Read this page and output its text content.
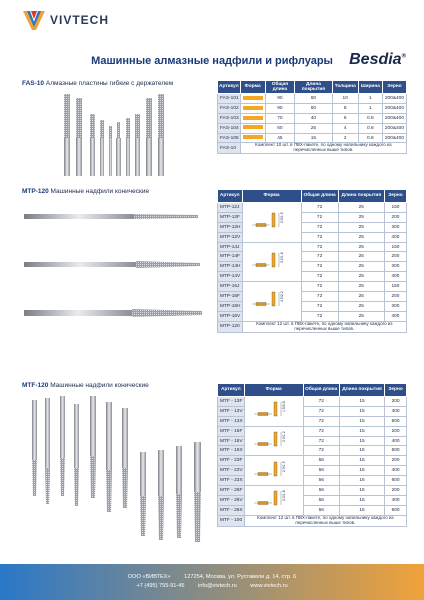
VIVTECH
Машинные алмазные надфили и рифлуары	Besdia®
FAS-10 Алмазные пластины гибкие с держателем	Артикул	Форма	Общая длина	Длина покрытия	Толщина	Ширина	Зерно
FAS-101		90	60	10	1	200&400
FAS-102		90	60	8	1	200&400
FAS-103		70	40	6	0.8	200&400
FAS-104		60	25	4	0.8	200&400
FAS-105		45	15	2	0.8	200&400
FAS-10	Комплект 10 шт. в ПВХ-пакете, по одному напильнику каждого из перечисленных выше типов.					
MTP-120 Машинные надфили конические
Артикул	Форма	Общая длина	Длина покрытия	Зерно
MTP-12J	2.5/1.5	72	25	150
MTP-12F		72	25	200
MTP-12H		72	25	300
MTP-12V		72	25	400
MTP-14J	3.2/1.8	72	25	150
MTP-14F		72	25	200
MTP-14H		72	25	300
MTP-14V		72	25	400
MTP-16J	4.5/2.2	72	25	150
MTP-16F		72	25	200
MTP-16H		72	25	300
MTP-16V		72	25	400
MTP-120	Комплект 12 шт. в ПВХ-пакете, по одному напильнику каждого из перечисленных выше типов.			
MTF-120 Машинные надфили конические
Артикул	Форма	Общая длина	Длина покрытия	Зерно
MTF - 13F	1.5/0.8	72	15	200
MTF - 13V		72	15	400
MTF - 13X		72	15	600
MTF - 16F	2.0/1.2	72	15	200
MTF - 16V		72	15	400
MTF - 16X		72	15	600
MTF - 23F	2.5/1.5	56	15	200
MTF - 23V		56	15	400
MTF - 23X		56	15	600
MTF - 26F	3.0/1.8	56	15	200
MTF - 26V		56	15	400
MTF - 26X		56	15	600
MTF - 100	Комплект 12 шт. в ПВХ-пакете, по одному напильнику каждого из перечисленных выше типов.			
ООО «ВИВТЕХ» 127254, Москва, ул. Руставели д. 14, стр. 6
+7 (495) 755-91-45 info@vivtech.ru www.vivtech.ru
